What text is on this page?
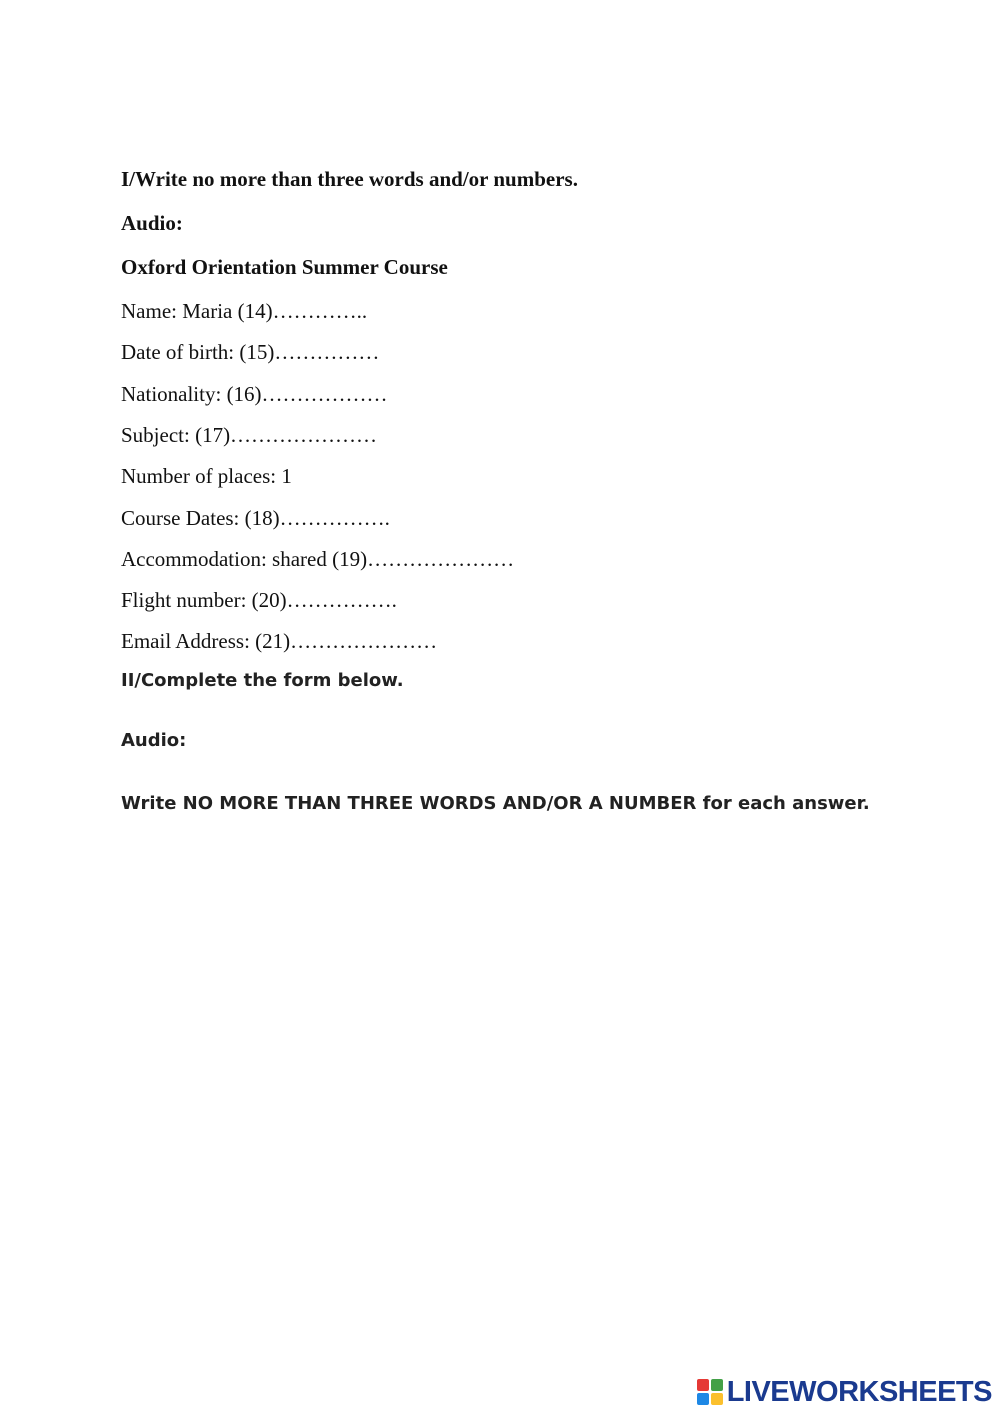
I/Write no more than three words and/or numbers.
Audio:
Oxford Orientation Summer Course
Name: Maria (14)…………..
Date of birth: (15)……………
Nationality: (16)………………
Subject: (17)…………………
Number of places: 1
Course Dates: (18)…………….
Accommodation: shared (19)…………………
Flight number: (20)…………….
Email Address: (21)…………………
II/Complete the form below.
Audio:
Write NO MORE THAN THREE WORDS AND/OR A NUMBER for each answer.
LIVEWORKSHEETS
